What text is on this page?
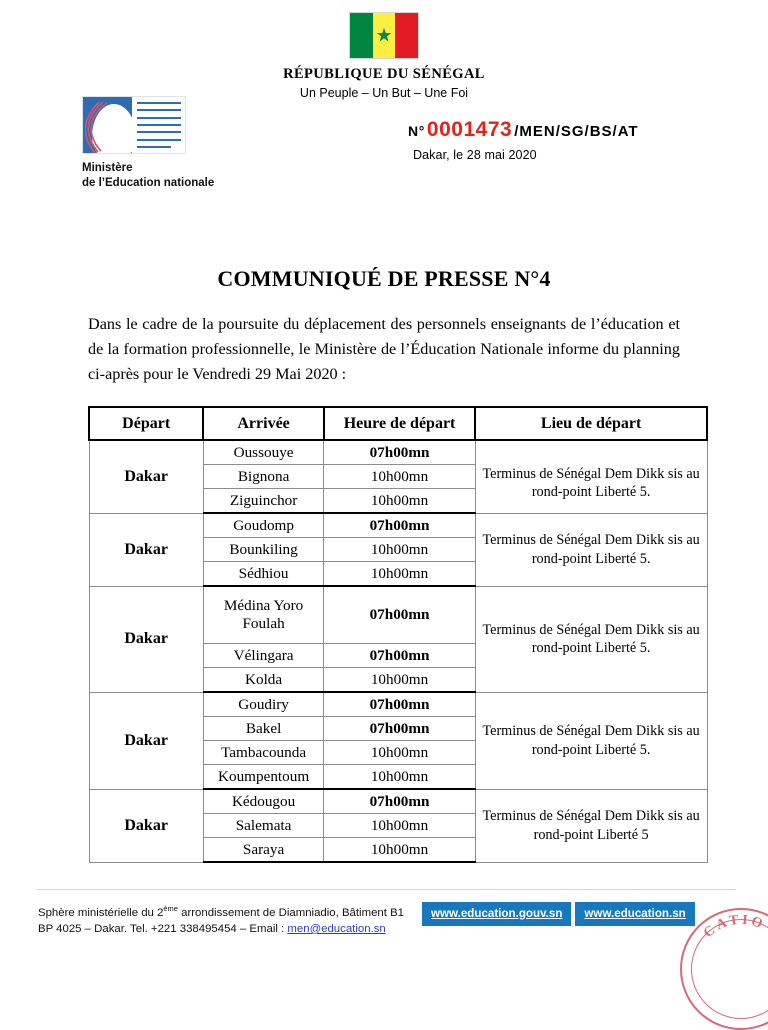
★
RÉPUBLIQUE DU SÉNÉGAL
Un Peuple – Un But – Une Foi
Ministère
de l’Education nationale
N°0001473 /MEN/SG/BS/AT
Dakar, le 28 mai 2020
COMMUNIQUÉ DE PRESSE N°4
Dans le cadre de la poursuite du déplacement des personnels enseignants de l’éducation et de la formation professionnelle, le Ministère de l’Éducation Nationale informe du planning ci-après pour le Vendredi 29 Mai 2020 :
Départ	Arrivée	Heure de départ	Lieu de départ
Dakar	Oussouye	07h00mn	Terminus de Sénégal Dem Dikk sis au rond-point Liberté 5.
	Bignona	10h00mn	
	Ziguinchor	10h00mn	
Dakar	Goudomp	07h00mn	Terminus de Sénégal Dem Dikk sis au rond-point Liberté 5.
	Bounkiling	10h00mn	
	Sédhiou	10h00mn	
Dakar	Médina Yoro Foulah	07h00mn	Terminus de Sénégal Dem Dikk sis au rond-point Liberté 5.
	Vélingara	07h00mn	
	Kolda	10h00mn	
Dakar	Goudiry	07h00mn	Terminus de Sénégal Dem Dikk sis au rond-point Liberté 5.
	Bakel	07h00mn	
	Tambacounda	10h00mn	
	Koumpentoum	10h00mn	
Dakar	Kédougou	07h00mn	Terminus de Sénégal Dem Dikk sis au rond-point Liberté 5
	Salemata	10h00mn	
	Saraya	10h00mn	
Sphère ministérielle du 2ème arrondissement de Diamniadio, Bâtiment B1
BP 4025 – Dakar. Tel. +221 338495454 – Email : men@education.sn
www.education.gouv.sn www.education.sn
CATIO
